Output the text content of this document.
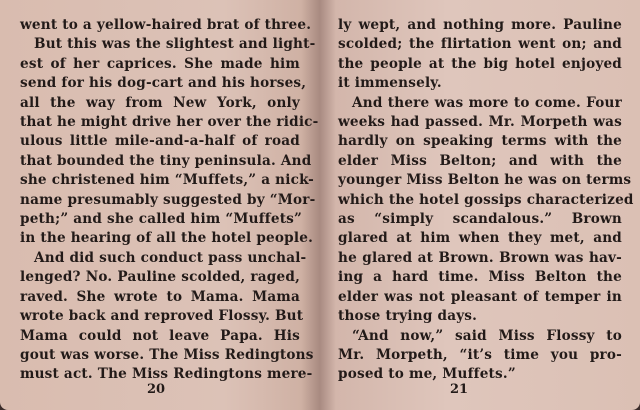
went to a yellow-haired brat of three.
But this was the slightest and light-
est of her caprices. She made him
send for his dog-cart and his horses,
all the way from New York, only
that he might drive her over the ridic-
ulous little mile-and-a-half of road
that bounded the tiny peninsula. And
she christened him “Muffets,” a nick-
name presumably suggested by “Mor-
peth;” and she called him “Muffets”
in the hearing of all the hotel people.
And did such conduct pass unchal-
lenged? No. Pauline scolded, raged,
raved. She wrote to Mama. Mama
wrote back and reproved Flossy. But
Mama could not leave Papa. His
gout was worse. The Miss Redingtons
must act. The Miss Redingtons mere-
20
ly wept, and nothing more. Pauline
scolded; the flirtation went on; and
the people at the big hotel enjoyed
it immensely.
And there was more to come. Four
weeks had passed. Mr. Morpeth was
hardly on speaking terms with the
elder Miss Belton; and with the
younger Miss Belton he was on terms
which the hotel gossips characterized
as “simply scandalous.” Brown
glared at him when they met, and
he glared at Brown. Brown was hav-
ing a hard time. Miss Belton the
elder was not pleasant of temper in
those trying days.
“And now,” said Miss Flossy to
Mr. Morpeth, “it’s time you pro-
posed to me, Muffets.”
21
